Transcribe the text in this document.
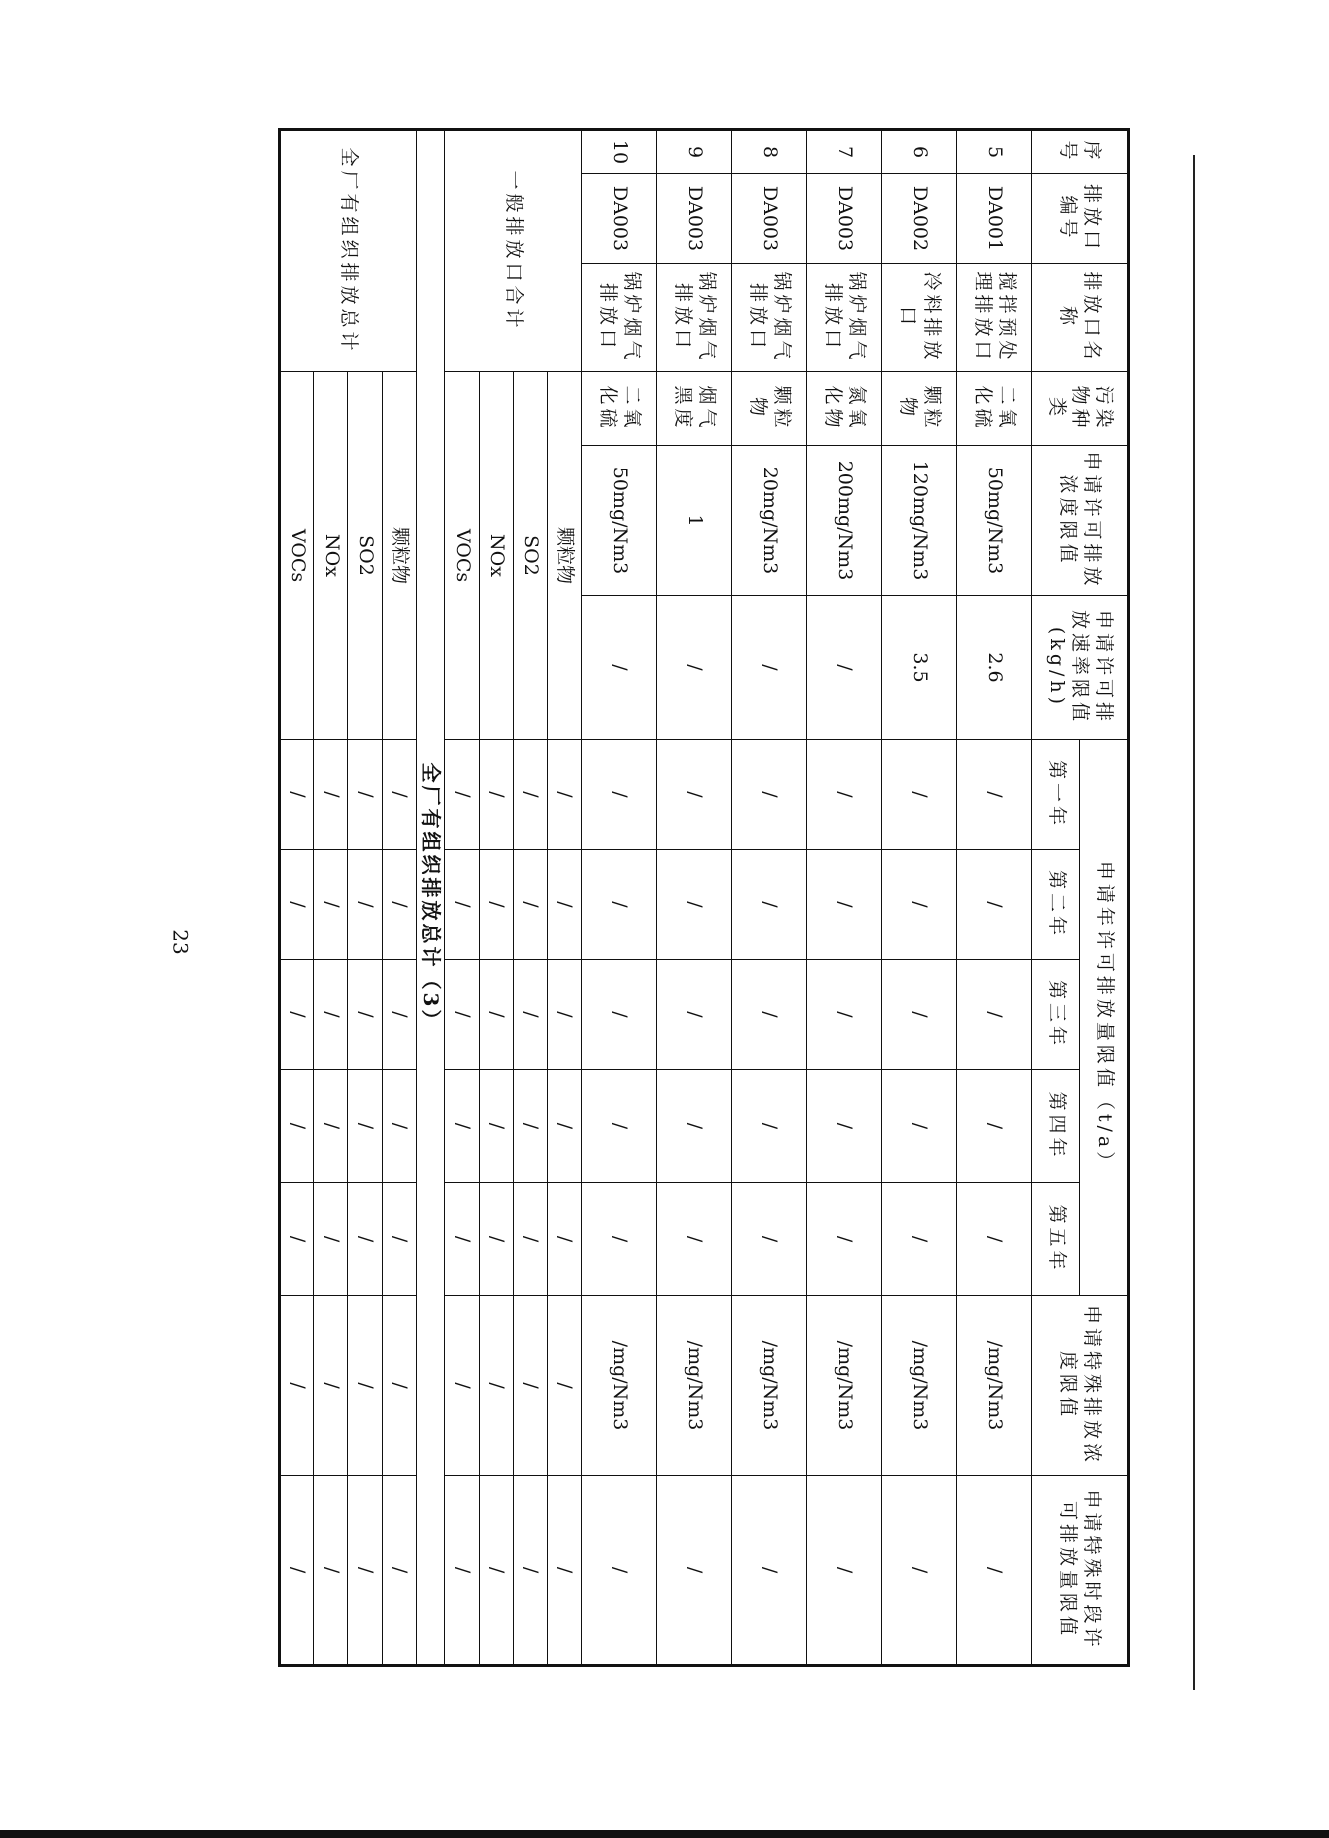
23
序号	排放口编号	排放口名称	污染物种类	申请许可排放浓度限值	申请许可排放速率限值(kg/h)	申请年许可排放量限值（t/a）					申请特殊排放浓度限值	申请特殊时段许可排放量限值
						第一年	第二年	第三年	第四年	第五年		
5	DA001	搅拌预处理排放口	二氧化硫	50mg/Nm3	2.6	/	/	/	/	/	/mg/Nm3	/
6	DA002	冷料排放口	颗粒物	120mg/Nm3	3.5	/	/	/	/	/	/mg/Nm3	/
7	DA003	锅炉烟气排放口	氮氧化物	200mg/Nm3	/	/	/	/	/	/	/mg/Nm3	/
8	DA003	锅炉烟气排放口	颗粒物	20mg/Nm3	/	/	/	/	/	/	/mg/Nm3	/
9	DA003	锅炉烟气排放口	烟气黑度	1	/	/	/	/	/	/	/mg/Nm3	/
10	DA003	锅炉烟气排放口	二氧化硫	50mg/Nm3	/	/	/	/	/	/	/mg/Nm3	/
一般排放口合计			颗粒物			/	/	/	/	/	/	/
			SO2			/	/	/	/	/	/	/
			NOx			/	/	/	/	/	/	/
			VOCs			/	/	/	/	/	/	/
全厂有组织排放总计（3）												
全厂有组织排放总计			颗粒物			/	/	/	/	/	/	/
			SO2			/	/	/	/	/	/	/
			NOx			/	/	/	/	/	/	/
			VOCs			/	/	/	/	/	/	/
